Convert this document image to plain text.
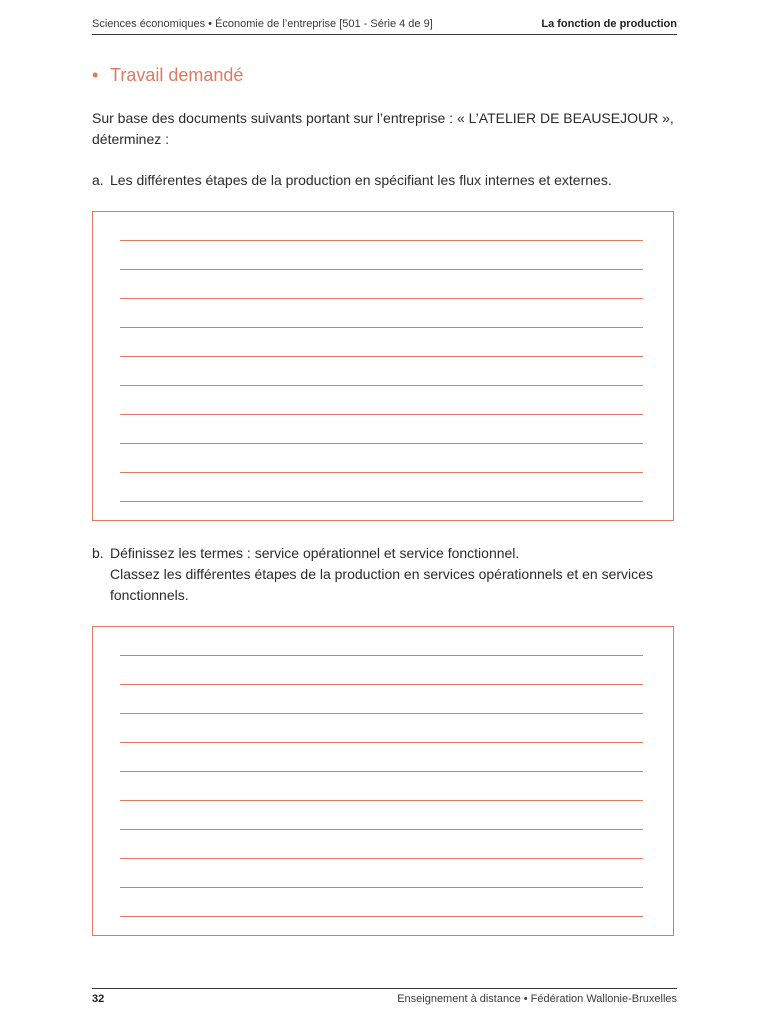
Sciences économiques • Économie de l’entreprise [501 - Série 4 de 9]	La fonction de production
• Travail demandé
Sur base des documents suivants portant sur l’entreprise : « L’ATELIER DE BEAUSEJOUR », déterminez :
a. Les différentes étapes de la production en spécifiant les flux internes et externes.
b. Définissez les termes : service opérationnel et service fonctionnel.
Classez les différentes étapes de la production en services opérationnels et en services
fonctionnels.
32	Enseignement à distance • Fédération Wallonie-Bruxelles
